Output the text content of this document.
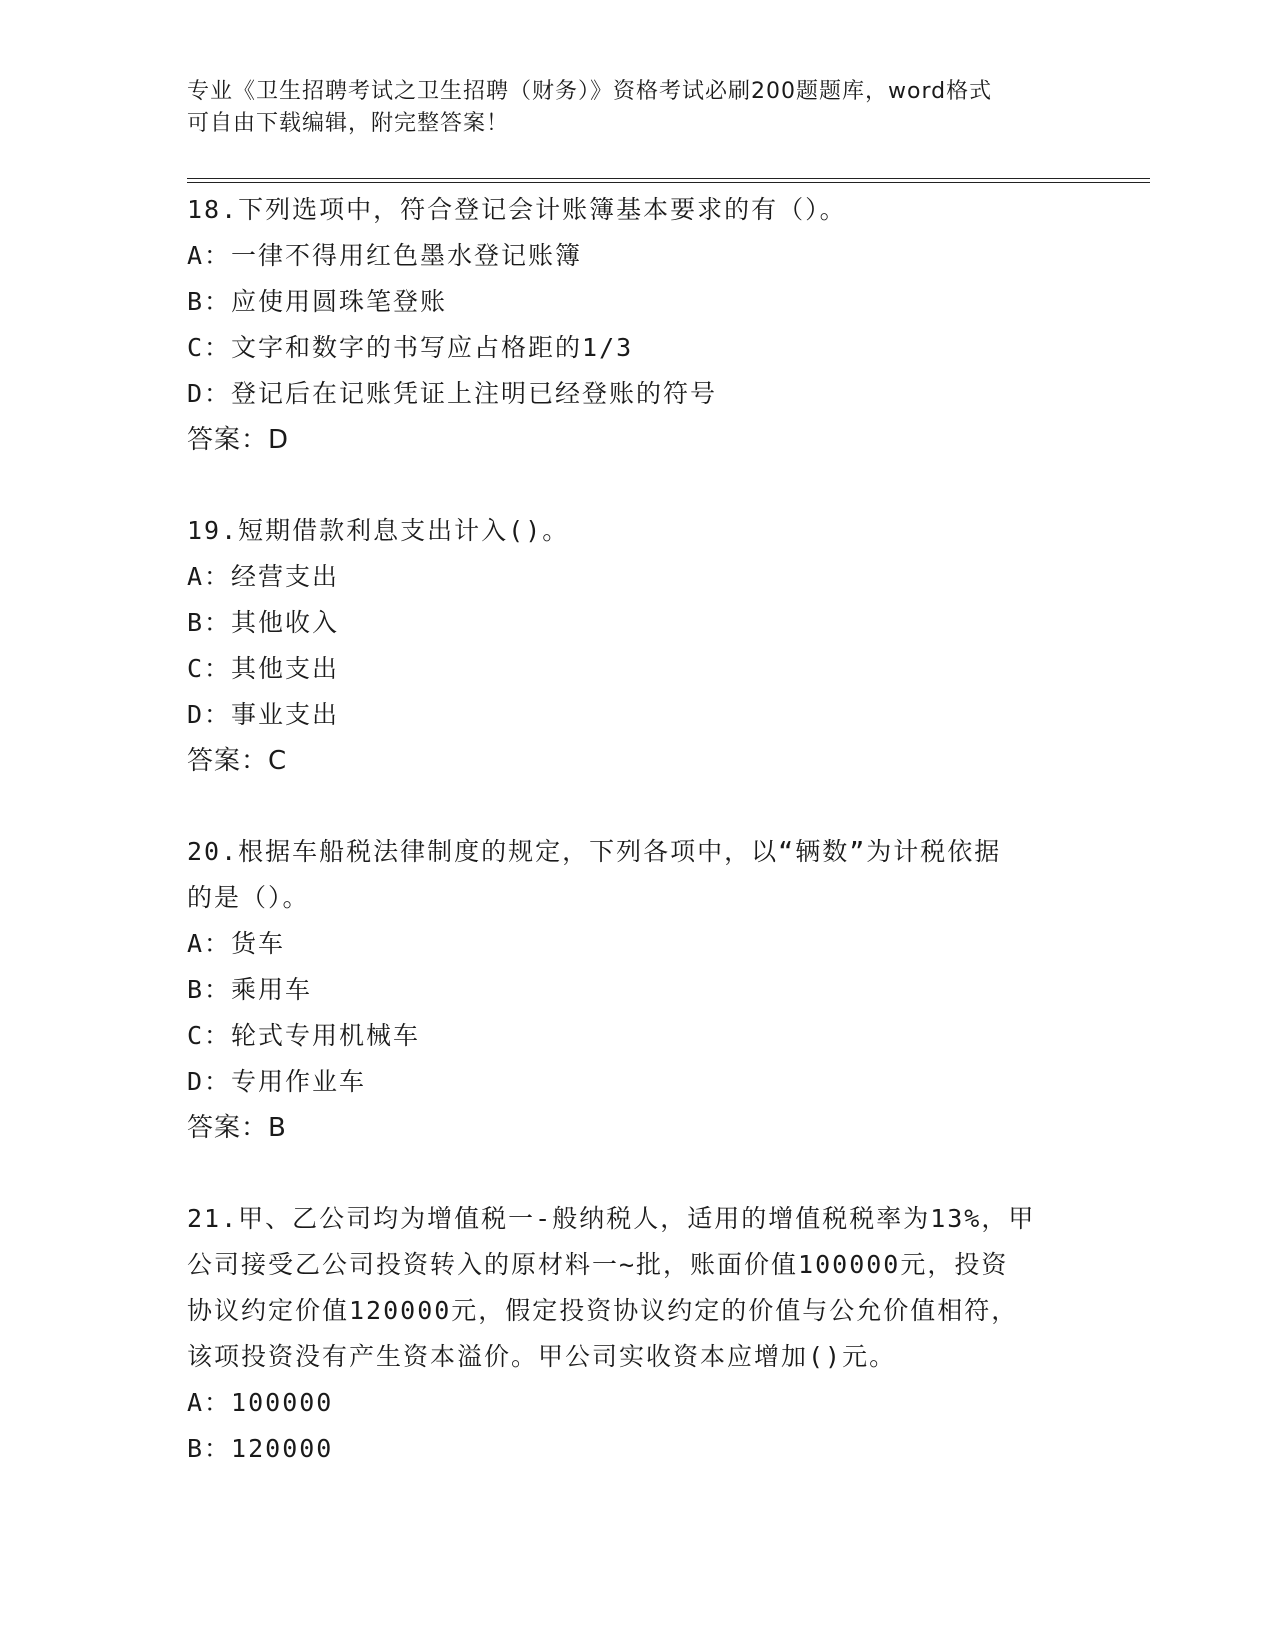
专业《卫生招聘考试之卫生招聘（财务）》资格考试必刷200题题库，word格式
可自由下载编辑，附完整答案！
18.下列选项中，符合登记会计账簿基本要求的有（）。
A：一律不得用红色墨水登记账簿
B：应使用圆珠笔登账
C：文字和数字的书写应占格距的1/3
D：登记后在记账凭证上注明已经登账的符号
答案：D
19.短期借款利息支出计入()。
A：经营支出
B：其他收入
C：其他支出
D：事业支出
答案：C
20.根据车船税法律制度的规定，下列各项中，以“辆数”为计税依据
的是（）。
A：货车
B：乘用车
C：轮式专用机械车
D：专用作业车
答案：B
21.甲、乙公司均为增值税一-般纳税人，适用的增值税税率为13%，甲
公司接受乙公司投资转入的原材料一~批，账面价值100000元，投资
协议约定价值120000元，假定投资协议约定的价值与公允价值相符，
该项投资没有产生资本溢价。甲公司实收资本应增加()元。
A：100000
B：120000
